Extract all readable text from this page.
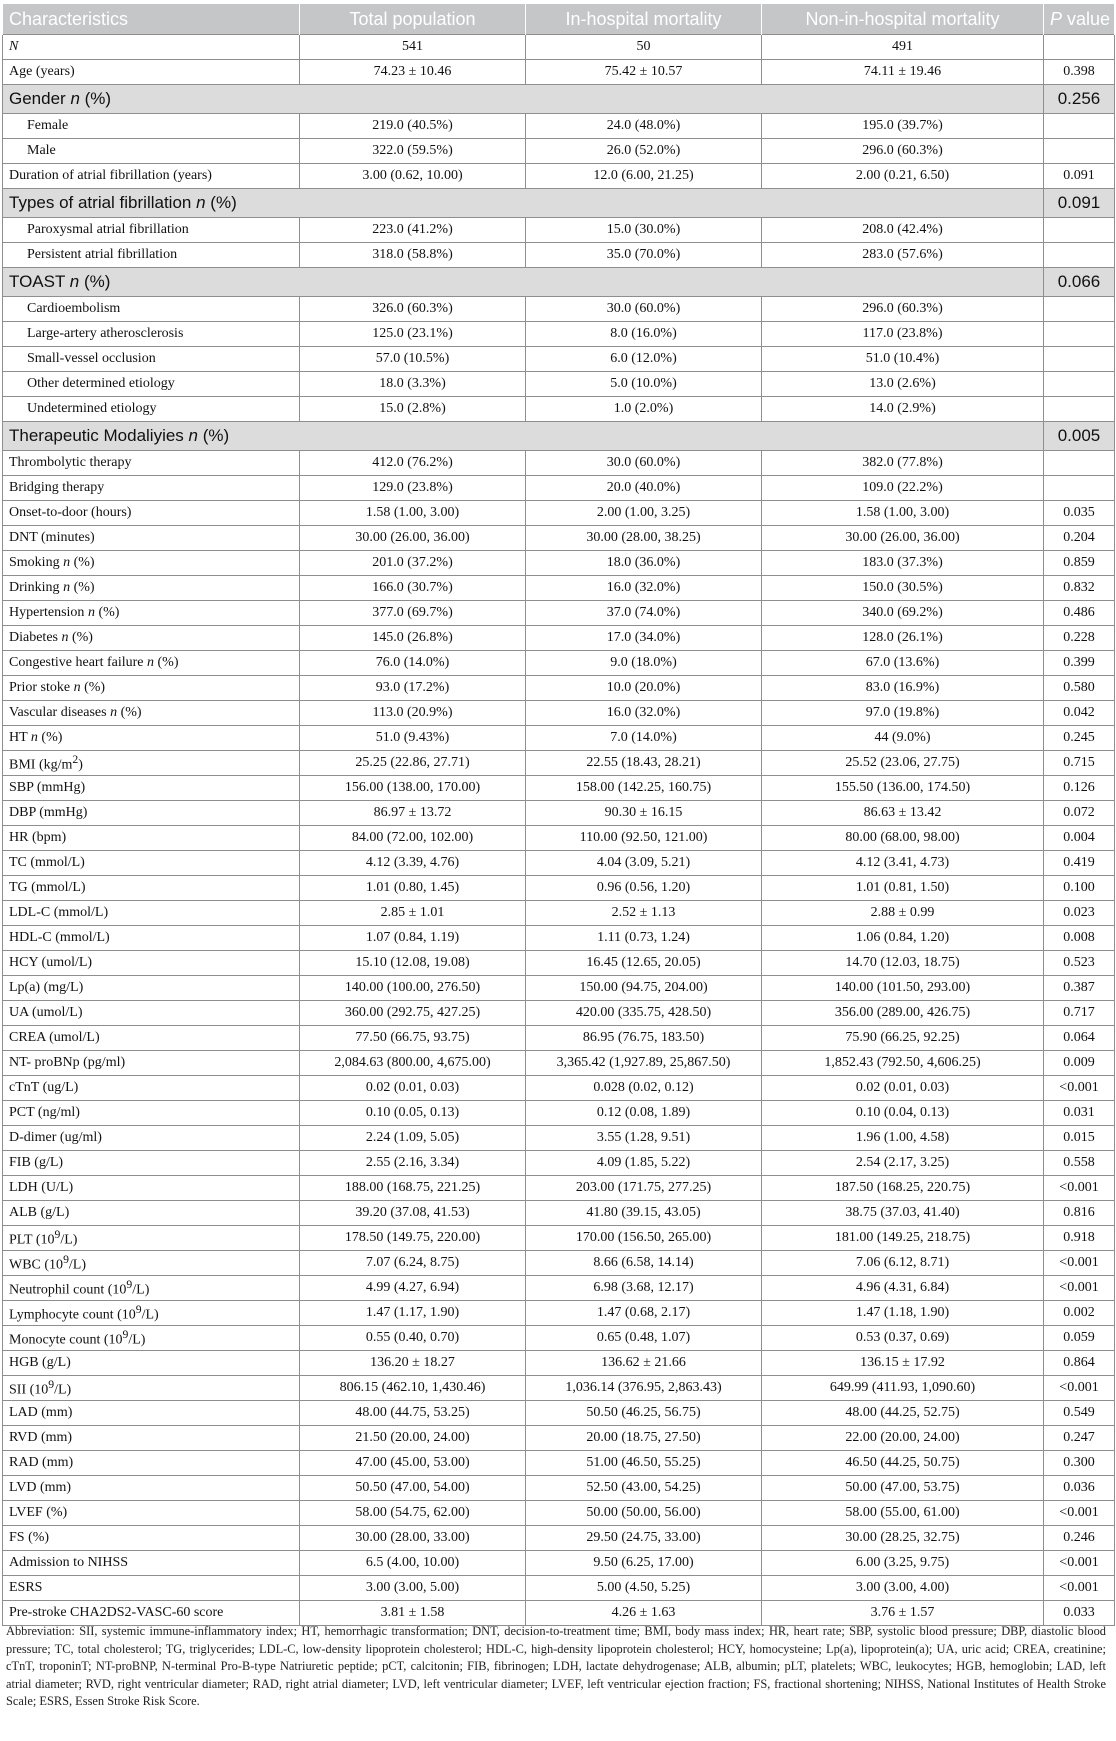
Characteristics	Total population	In-hospital mortality	Non-in-hospital mortality	P value
N	541	50	491	
Age (years)	74.23 ± 10.46	75.42 ± 10.57	74.11 ± 19.46	0.398
Gender n (%)				0.256
Female	219.0 (40.5%)	24.0 (48.0%)	195.0 (39.7%)	
Male	322.0 (59.5%)	26.0 (52.0%)	296.0 (60.3%)	
Duration of atrial fibrillation (years)	3.00 (0.62, 10.00)	12.0 (6.00, 21.25)	2.00 (0.21, 6.50)	0.091
Types of atrial fibrillation n (%)				0.091
Paroxysmal atrial fibrillation	223.0 (41.2%)	15.0 (30.0%)	208.0 (42.4%)	
Persistent atrial fibrillation	318.0 (58.8%)	35.0 (70.0%)	283.0 (57.6%)	
TOAST n (%)				0.066
Cardioembolism	326.0 (60.3%)	30.0 (60.0%)	296.0 (60.3%)	
Large-artery atherosclerosis	125.0 (23.1%)	8.0 (16.0%)	117.0 (23.8%)	
Small-vessel occlusion	57.0 (10.5%)	6.0 (12.0%)	51.0 (10.4%)	
Other determined etiology	18.0 (3.3%)	5.0 (10.0%)	13.0 (2.6%)	
Undetermined etiology	15.0 (2.8%)	1.0 (2.0%)	14.0 (2.9%)	
Therapeutic Modaliyies n (%)				0.005
Thrombolytic therapy	412.0 (76.2%)	30.0 (60.0%)	382.0 (77.8%)	
Bridging therapy	129.0 (23.8%)	20.0 (40.0%)	109.0 (22.2%)	
Onset-to-door (hours)	1.58 (1.00, 3.00)	2.00 (1.00, 3.25)	1.58 (1.00, 3.00)	0.035
DNT (minutes)	30.00 (26.00, 36.00)	30.00 (28.00, 38.25)	30.00 (26.00, 36.00)	0.204
Smoking n (%)	201.0 (37.2%)	18.0 (36.0%)	183.0 (37.3%)	0.859
Drinking n (%)	166.0 (30.7%)	16.0 (32.0%)	150.0 (30.5%)	0.832
Hypertension n (%)	377.0 (69.7%)	37.0 (74.0%)	340.0 (69.2%)	0.486
Diabetes n (%)	145.0 (26.8%)	17.0 (34.0%)	128.0 (26.1%)	0.228
Congestive heart failure n (%)	76.0 (14.0%)	9.0 (18.0%)	67.0 (13.6%)	0.399
Prior stoke n (%)	93.0 (17.2%)	10.0 (20.0%)	83.0 (16.9%)	0.580
Vascular diseases n (%)	113.0 (20.9%)	16.0 (32.0%)	97.0 (19.8%)	0.042
HT n (%)	51.0 (9.43%)	7.0 (14.0%)	44 (9.0%)	0.245
BMI $(kg/m^2)$	25.25 (22.86, 27.71)	22.55 (18.43, 28.21)	25.52 (23.06, 27.75)	0.715
SBP (mmHg)	156.00 (138.00, 170.00)	158.00 (142.25, 160.75)	155.50 (136.00, 174.50)	0.126
DBP (mmHg)	86.97 ± 13.72	90.30 ± 16.15	86.63 ± 13.42	0.072
HR (bpm)	84.00 (72.00, 102.00)	110.00 (92.50, 121.00)	80.00 (68.00, 98.00)	0.004
TC (mmol/L)	4.12 (3.39, 4.76)	4.04 (3.09, 5.21)	4.12 (3.41, 4.73)	0.419
TG (mmol/L)	1.01 (0.80, 1.45)	0.96 (0.56, 1.20)	1.01 (0.81, 1.50)	0.100
LDL-C (mmol/L)	2.85 ± 1.01	2.52 ± 1.13	2.88 ± 0.99	0.023
HDL-C (mmol/L)	1.07 (0.84, 1.19)	1.11 (0.73, 1.24)	1.06 (0.84, 1.20)	0.008
HCY (umol/L)	15.10 (12.08, 19.08)	16.45 (12.65, 20.05)	14.70 (12.03, 18.75)	0.523
Lp(a) (mg/L)	140.00 (100.00, 276.50)	150.00 (94.75, 204.00)	140.00 (101.50, 293.00)	0.387
UA (umol/L)	360.00 (292.75, 427.25)	420.00 (335.75, 428.50)	356.00 (289.00, 426.75)	0.717
CREA (umol/L)	77.50 (66.75, 93.75)	86.95 (76.75, 183.50)	75.90 (66.25, 92.25)	0.064
NT- proBNp (pg/ml)	2,084.63 (800.00, 4,675.00)	3,365.42 (1,927.89, 25,867.50)	1,852.43 (792.50, 4,606.25)	0.009
cTnT (ug/L)	0.02 (0.01, 0.03)	0.028 (0.02, 0.12)	0.02 (0.01, 0.03)	<0.001
PCT (ng/ml)	0.10 (0.05, 0.13)	0.12 (0.08, 1.89)	0.10 (0.04, 0.13)	0.031
D-dimer (ug/ml)	2.24 (1.09, 5.05)	3.55 (1.28, 9.51)	1.96 (1.00, 4.58)	0.015
FIB (g/L)	2.55 (2.16, 3.34)	4.09 (1.85, 5.22)	2.54 (2.17, 3.25)	0.558
LDH (U/L)	188.00 (168.75, 221.25)	203.00 (171.75, 277.25)	187.50 (168.25, 220.75)	<0.001
ALB (g/L)	39.20 (37.08, 41.53)	41.80 (39.15, 43.05)	38.75 (37.03, 41.40)	0.816
PLT $(10^9/L)$	178.50 (149.75, 220.00)	170.00 (156.50, 265.00)	181.00 (149.25, 218.75)	0.918
WBC $(10^9/L)$	7.07 (6.24, 8.75)	8.66 (6.58, 14.14)	7.06 (6.12, 8.71)	<0.001
Neutrophil count $(10^9/L)$	4.99 (4.27, 6.94)	6.98 (3.68, 12.17)	4.96 (4.31, 6.84)	<0.001
Lymphocyte count $(10^9/L)$	1.47 (1.17, 1.90)	1.47 (0.68, 2.17)	1.47 (1.18, 1.90)	0.002
Monocyte count $(10^9/L)$	0.55 (0.40, 0.70)	0.65 (0.48, 1.07)	0.53 (0.37, 0.69)	0.059
HGB (g/L)	136.20 ± 18.27	136.62 ± 21.66	136.15 ± 17.92	0.864
SII $(10^9/L)$	806.15 (462.10, 1,430.46)	1,036.14 (376.95, 2,863.43)	649.99 (411.93, 1,090.60)	<0.001
LAD (mm)	48.00 (44.75, 53.25)	50.50 (46.25, 56.75)	48.00 (44.25, 52.75)	0.549
RVD (mm)	21.50 (20.00, 24.00)	20.00 (18.75, 27.50)	22.00 (20.00, 24.00)	0.247
RAD (mm)	47.00 (45.00, 53.00)	51.00 (46.50, 55.25)	46.50 (44.25, 50.75)	0.300
LVD (mm)	50.50 (47.00, 54.00)	52.50 (43.00, 54.25)	50.00 (47.00, 53.75)	0.036
LVEF (%)	58.00 (54.75, 62.00)	50.00 (50.00, 56.00)	58.00 (55.00, 61.00)	<0.001
FS (%)	30.00 (28.00, 33.00)	29.50 (24.75, 33.00)	30.00 (28.25, 32.75)	0.246
Admission to NIHSS	6.5 (4.00, 10.00)	9.50 (6.25, 17.00)	6.00 (3.25, 9.75)	<0.001
ESRS	3.00 (3.00, 5.00)	5.00 (4.50, 5.25)	3.00 (3.00, 4.00)	<0.001
Pre-stroke CHA2DS2-VASC-60 score	3.81 ± 1.58	4.26 ± 1.63	3.76 ± 1.57	0.033
Abbreviation: SII, systemic immune-inflammatory index; HT, hemorrhagic transformation; DNT, decision-to-treatment time; BMI, body mass index; HR, heart rate; SBP, systolic blood pressure; DBP, diastolic blood pressure; TC, total cholesterol; TG, triglycerides; LDL-C, low-density lipoprotein cholesterol; HDL-C, high-density lipoprotein cholesterol; HCY, homocysteine; Lp(a), lipoprotein(a); UA, uric acid; CREA, creatinine; cTnT, troponinT; NT-proBNP, N-terminal Pro-B-type Natriuretic peptide; pCT, calcitonin; FIB, fibrinogen; LDH, lactate dehydrogenase; ALB, albumin; pLT, platelets; WBC, leukocytes; HGB, hemoglobin; LAD, left atrial diameter; RVD, right ventricular diameter; RAD, right atrial diameter; LVD, left ventricular diameter; LVEF, left ventricular ejection fraction; FS, fractional shortening; NIHSS, National Institutes of Health Stroke Scale; ESRS, Essen Stroke Risk Score.
